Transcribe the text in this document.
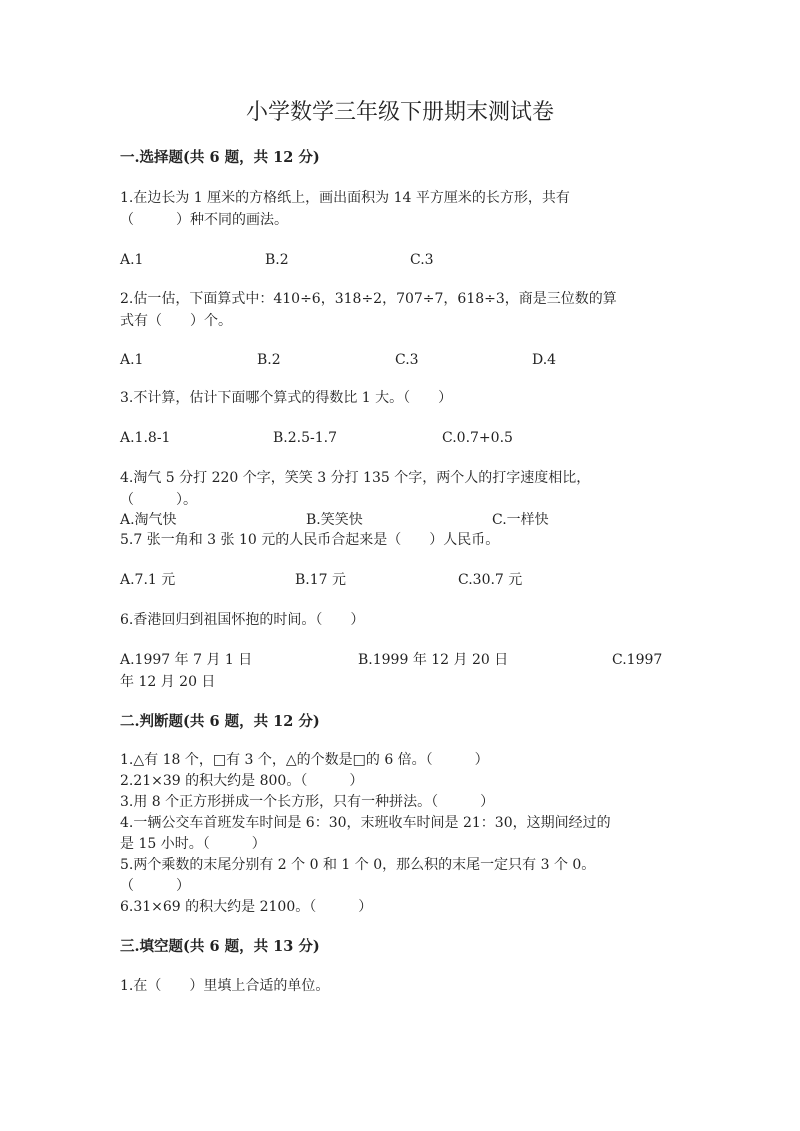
小学数学三年级下册期末测试卷
一.选择题(共 6 题，共 12 分)
1.在边长为 1 厘米的方格纸上，画出面积为 14 平方厘米的长方形，共有
（　　　）种不同的画法。
A.1	B.2	C.3
2.估一估，下面算式中：410÷6，318÷2，707÷7，618÷3，商是三位数的算
式有（　　）个。
A.1	B.2	C.3	D.4
3.不计算，估计下面哪个算式的得数比 1 大。（　　）
A.1.8-1	B.2.5-1.7	C.0.7+0.5
4.淘气 5 分打 220 个字，笑笑 3 分打 135 个字，两个人的打字速度相比，
（　　　）。
A.淘气快	B.笑笑快	C.一样快
5.7 张一角和 3 张 10 元的人民币合起来是（　　）人民币。
A.7.1 元	B.17 元	C.30.7 元
6.香港回归到祖国怀抱的时间。（　　）
A.1997 年 7 月 1 日	B.1999 年 12 月 20 日	C.1997
年 12 月 20 日
二.判断题(共 6 题，共 12 分)
1.△有 18 个，□有 3 个，△的个数是□的 6 倍。（　　　）
2.21×39 的积大约是 800。（　　　）
3.用 8 个正方形拼成一个长方形，只有一种拼法。（　　　）
4.一辆公交车首班发车时间是 6：30，末班收车时间是 21：30，这期间经过的
是 15 小时。（　　　）
5.两个乘数的末尾分别有 2 个 0 和 1 个 0，那么积的末尾一定只有 3 个 0。
（　　　）
6.31×69 的积大约是 2100。（　　　）
三.填空题(共 6 题，共 13 分)
1.在（　　）里填上合适的单位。
